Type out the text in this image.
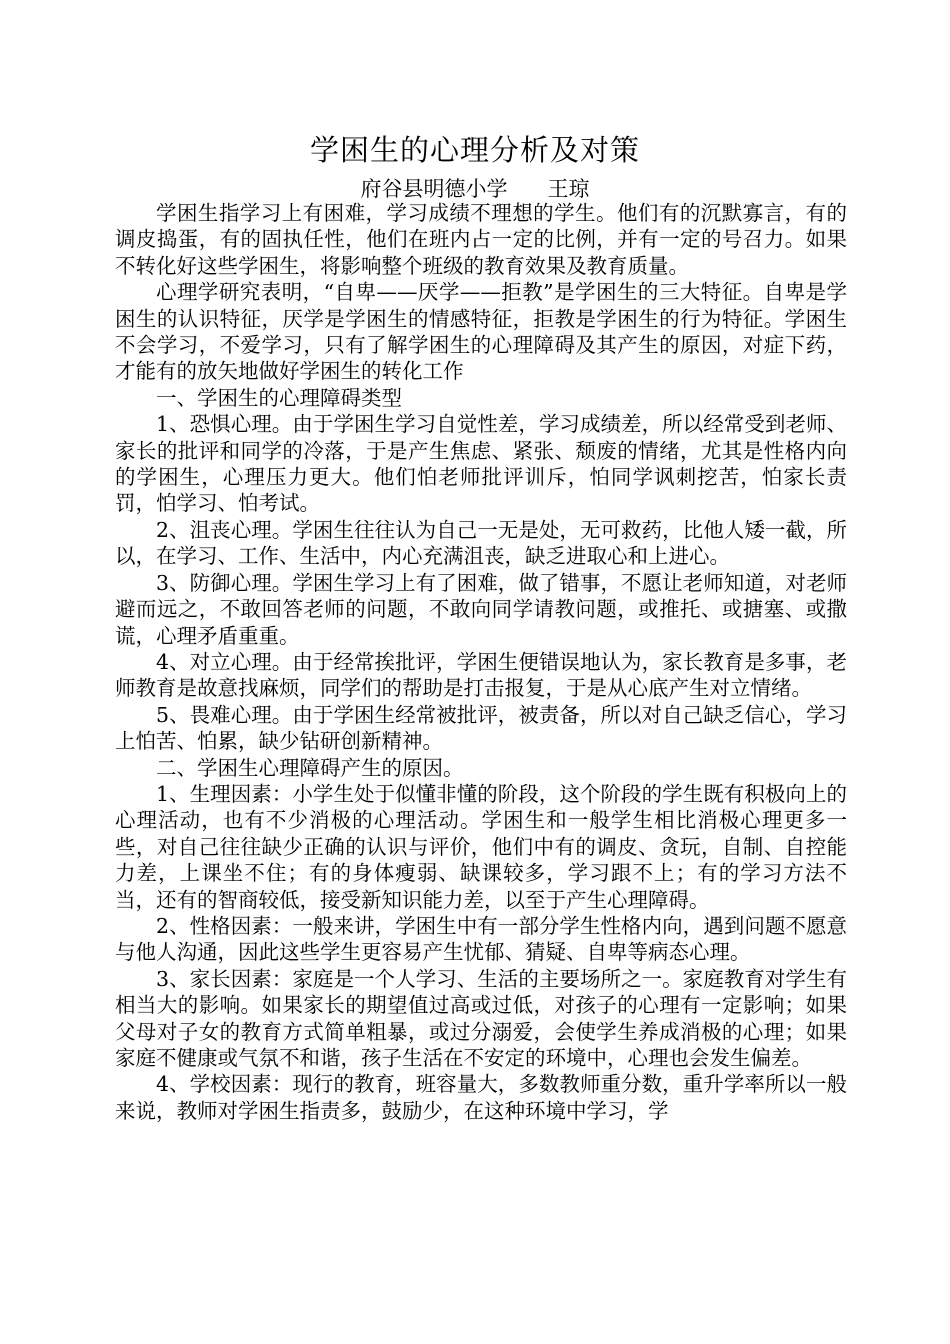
学困生的心理分析及对策
府谷县明德小学      王琼

学困生指学习上有困难，学习成绩不理想的学生。他们有的沉默寡言，有的调皮捣蛋，有的固执任性，他们在班内占一定的比例，并有一定的号召力。如果不转化好这些学困生，将影响整个班级的教育效果及教育质量。

心理学研究表明，“自卑——厌学——拒教”是学困生的三大特征。自卑是学困生的认识特征，厌学是学困生的情感特征，拒教是学困生的行为特征。学困生不会学习，不爱学习，只有了解学困生的心理障碍及其产生的原因，对症下药，才能有的放矢地做好学困生的转化工作

一、学困生的心理障碍类型

1、恐惧心理。由于学困生学习自觉性差，学习成绩差，所以经常受到老师、家长的批评和同学的冷落，于是产生焦虑、紧张、颓废的情绪，尤其是性格内向的学困生，心理压力更大。他们怕老师批评训斥，怕同学讽刺挖苦，怕家长责罚，怕学习、怕考试。

2、沮丧心理。学困生往往认为自己一无是处，无可救药，比他人矮一截，所以，在学习、工作、生活中，内心充满沮丧，缺乏进取心和上进心。

3、防御心理。学困生学习上有了困难，做了错事，不愿让老师知道，对老师避而远之，不敢回答老师的问题，不敢向同学请教问题，或推托、或搪塞、或撒谎，心理矛盾重重。

4、对立心理。由于经常挨批评，学困生便错误地认为，家长教育是多事，老师教育是故意找麻烦，同学们的帮助是打击报复，于是从心底产生对立情绪。

5、畏难心理。由于学困生经常被批评，被责备，所以对自己缺乏信心，学习上怕苦、怕累，缺少钻研创新精神。

二、学困生心理障碍产生的原因。

1、生理因素：小学生处于似懂非懂的阶段，这个阶段的学生既有积极向上的心理活动，也有不少消极的心理活动。学困生和一般学生相比消极心理更多一些，对自己往往缺少正确的认识与评价，他们中有的调皮、贪玩，自制、自控能力差，上课坐不住；有的身体瘦弱、缺课较多，学习跟不上；有的学习方法不当，还有的智商较低，接受新知识能力差，以至于产生心理障碍。

2、性格因素：一般来讲，学困生中有一部分学生性格内向，遇到问题不愿意与他人沟通，因此这些学生更容易产生忧郁、猜疑、自卑等病态心理。

3、家长因素：家庭是一个人学习、生活的主要场所之一。家庭教育对学生有相当大的影响。如果家长的期望值过高或过低，对孩子的心理有一定影响；如果父母对子女的教育方式简单粗暴，或过分溺爱，会使学生养成消极的心理；如果家庭不健康或气氛不和谐，孩子生活在不安定的环境中，心理也会发生偏差。

4、学校因素：现行的教育，班容量大，多数教师重分数，重升学率所以一般来说，教师对学困生指责多，鼓励少，在这种环境中学习，学
